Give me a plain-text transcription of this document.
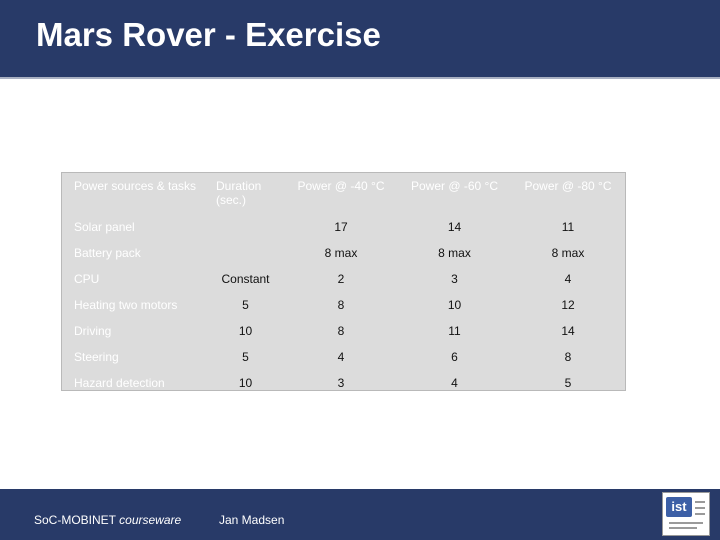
Mars Rover - Exercise
Power sources & tasks	Duration (sec.)	Power @ -40 °C	Power @ -60 °C	Power @ -80 °C
Solar panel		17	14	11
Battery pack		8 max	8 max	8 max
CPU	Constant	2	3	4
Heating two motors	5	8	10	12
Driving	10	8	11	14
Steering	5	4	6	8
Hazard detection	10	3	4	5
SoC-MOBINET courseware	Jan Madsen
ist
